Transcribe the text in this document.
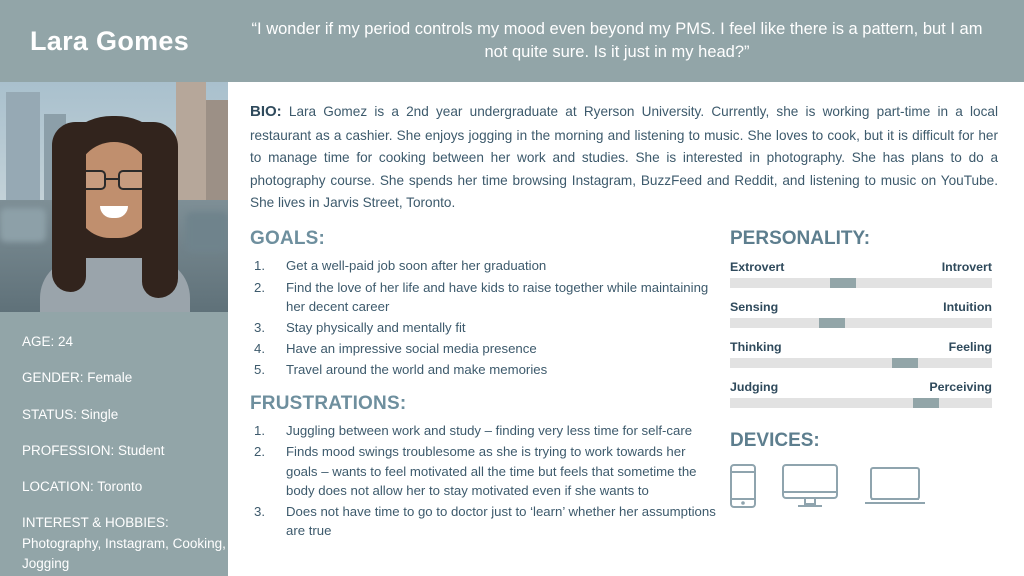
Lara Gomes	“I wonder if my period controls my mood even beyond my PMS. I feel like there is a pattern, but I am not quite sure. Is it just in my head?”
AGE: 24
GENDER: Female
STATUS: Single
PROFESSION: Student
LOCATION: Toronto
INTEREST & HOBBIES:
Photography, Instagram, Cooking, Jogging
BIO: Lara Gomez is a 2nd year undergraduate at Ryerson University. Currently, she is working part-time in a local restaurant as a cashier. She enjoys jogging in the morning and listening to music. She loves to cook, but it is difficult for her to manage time for cooking between her work and studies. She is interested in photography. She has plans to do a photography course. She spends her time browsing Instagram, BuzzFeed and Reddit, and listening to music on YouTube. She lives in Jarvis Street, Toronto.
GOALS:
Get a well-paid job soon after her graduation
Find the love of her life and have kids to raise together while maintaining her decent career
Stay physically and mentally fit
Have an impressive social media presence
Travel around the world and make memories
FRUSTRATIONS:
Juggling between work and study – finding very less time for self-care
Finds mood swings troublesome as she is trying to work towards her goals – wants to feel motivated all the time but feels that sometime the body does not allow her to stay motivated even if she wants to
Does not have time to go to doctor just to ‘learn’ whether her assumptions are true
PERSONALITY:
Extrovert	Introvert
Sensing	Intuition
Thinking	Feeling
Judging	Perceiving
DEVICES:
